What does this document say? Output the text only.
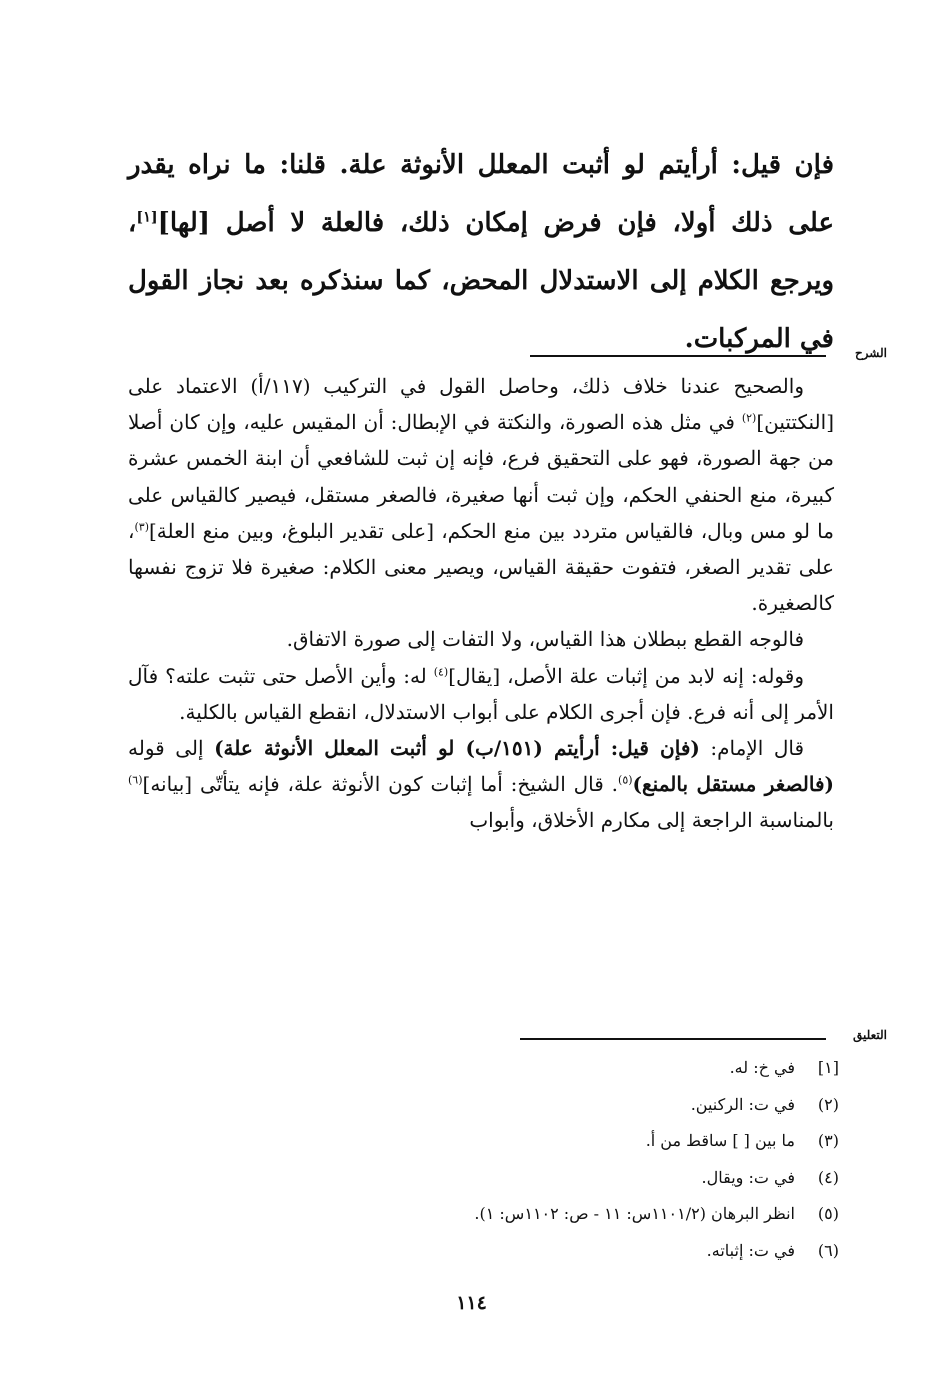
فإن قيل: أرأيتم لو أثبت المعلل الأنوثة علة. قلنا: ما نراه يقدر على ذلك أولا، فإن فرض إمكان ذلك، فالعلة لا أصل [لها][١]، ويرجع الكلام إلى الاستدلال المحض، كما سنذكره بعد نجاز القول في المركبات. الشرح

والصحيح عندنا خلاف ذلك، وحاصل القول في التركيب (١١٧/أ) الاعتماد على [النكتتين]$^{(٢)}$ في مثل هذه الصورة، والنكتة في الإبطال: أن المقيس عليه، وإن كان أصلا من جهة الصورة، فهو على التحقيق فرع، فإنه إن ثبت للشافعي أن ابنة الخمس عشرة كبيرة، منع الحنفي الحكم، وإن ثبت أنها صغيرة، فالصغر مستقل، فيصير كالقياس على ما لو مس وبال، فالقياس متردد بين منع الحكم، [على تقدير البلوغ، وبين منع العلة]$^{(٣)}$، على تقدير الصغر، فتفوت حقيقة القياس، ويصير معنى الكلام: صغيرة فلا تزوج نفسها كالصغيرة.

فالوجه القطع ببطلان هذا القياس، ولا التفات إلى صورة الاتفاق.

وقوله: إنه لابد من إثبات علة الأصل، [يقال]$^{(٤)}$ له: وأين الأصل حتى تثبت علته؟ فآل الأمر إلى أنه فرع. فإن أجرى الكلام على أبواب الاستدلال، انقطع القياس بالكلية.

قال الإمام: (فإن قيل: أرأيتم (١٥١/ب) لو أثبت المعلل الأنوثة علة) إلى قوله (فالصغر مستقل بالمنع)$^{(٥)}$. قال الشيخ: أما إثبات كون الأنوثة علة، فإنه يتأتّى [بيانه]$^{(٦)}$ بالمناسبة الراجعة إلى مكارم الأخلاق، وأبواب

التعليق
[١]في خ: له.
(٢)في ت: الركنين.
(٣)ما بين [ ] ساقط من أ.
(٤)في ت: ويقال.
(٥)انظر البرهان (١١٠١/٢س: ١١ - ص: ١١٠٢س: ١).
(٦)في ت: إثباته.
١١٤
